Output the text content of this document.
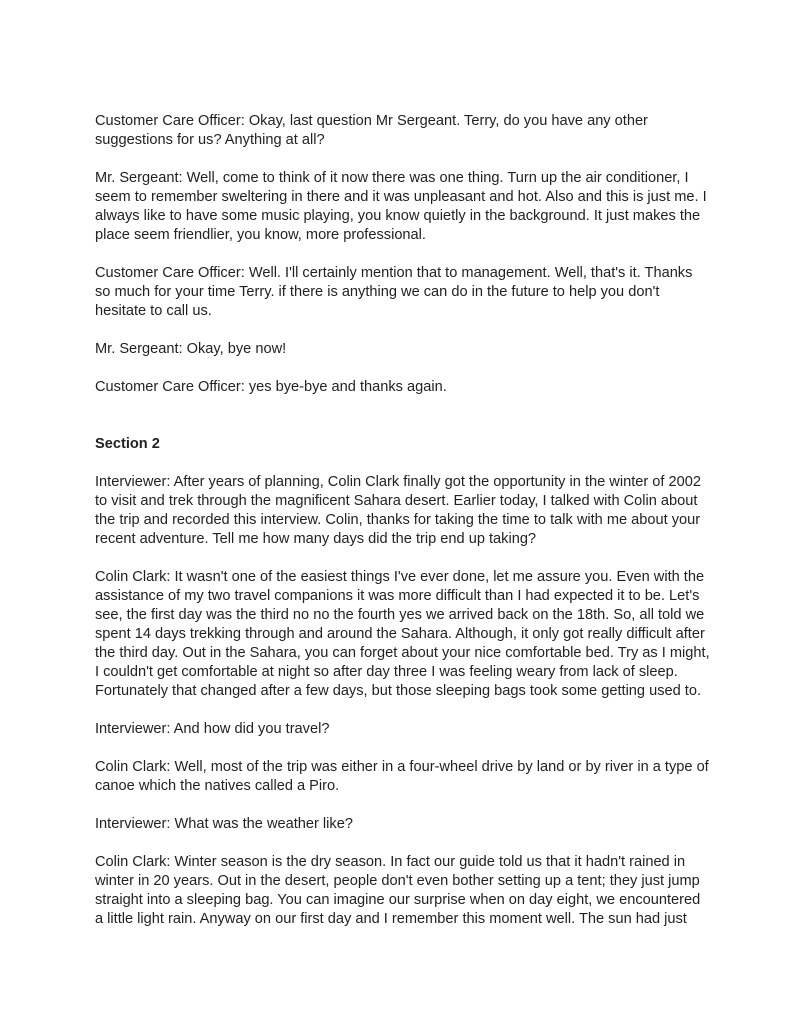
Customer Care Officer: Okay, last question Mr Sergeant. Terry, do you have any other suggestions for us? Anything at all?

Mr. Sergeant: Well, come to think of it now there was one thing. Turn up the air conditioner, I seem to remember sweltering in there and it was unpleasant and hot. Also and this is just me. I always like to have some music playing, you know quietly in the background. It just makes the place seem friendlier, you know, more professional.

Customer Care Officer: Well. I'll certainly mention that to management. Well, that's it. Thanks so much for your time Terry. if there is anything we can do in the future to help you don't hesitate to call us.

Mr. Sergeant: Okay, bye now!

Customer Care Officer: yes bye-bye and thanks again.

Section 2

Interviewer: After years of planning, Colin Clark finally got the opportunity in the winter of 2002 to visit and trek through the magnificent Sahara desert. Earlier today, I talked with Colin about the trip and recorded this interview. Colin, thanks for taking the time to talk with me about your recent adventure. Tell me how many days did the trip end up taking?

Colin Clark: It wasn't one of the easiest things I've ever done, let me assure you. Even with the assistance of my two travel companions it was more difficult than I had expected it to be. Let's see, the first day was the third no no the fourth yes we arrived back on the 18th. So, all told we spent 14 days trekking through and around the Sahara. Although, it only got really difficult after the third day. Out in the Sahara, you can forget about your nice comfortable bed. Try as I might, I couldn't get comfortable at night so after day three I was feeling weary from lack of sleep. Fortunately that changed after a few days, but those sleeping bags took some getting used to.

Interviewer: And how did you travel?

Colin Clark: Well, most of the trip was either in a four-wheel drive by land or by river in a type of canoe which the natives called a Piro.

Interviewer: What was the weather like?

Colin Clark: Winter season is the dry season. In fact our guide told us that it hadn't rained in winter in 20 years. Out in the desert, people don't even bother setting up a tent; they just jump straight into a sleeping bag. You can imagine our surprise when on day eight, we encountered a little light rain. Anyway on our first day and I remember this moment well. The sun had just
